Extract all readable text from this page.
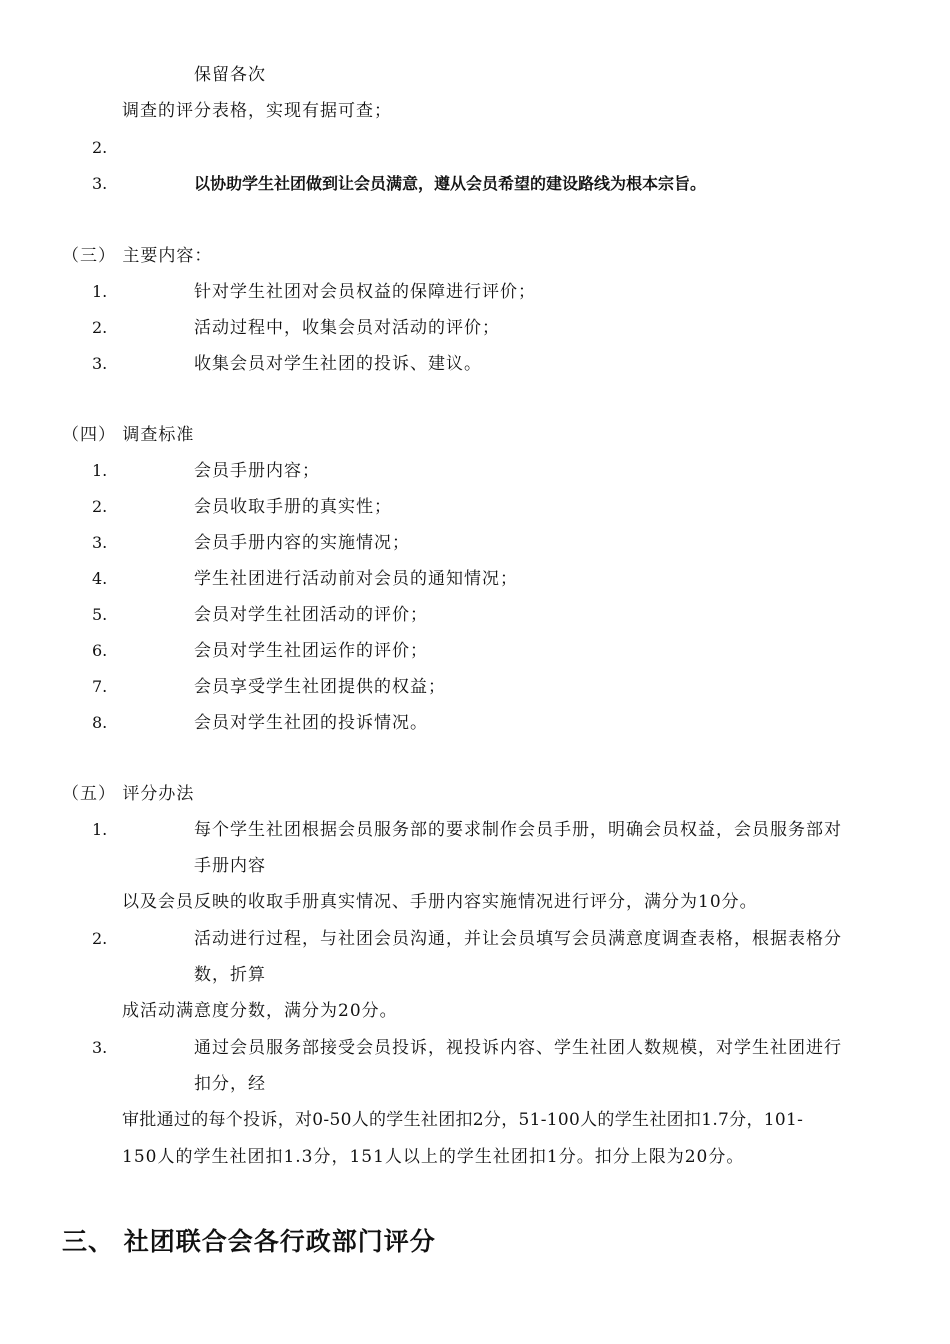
保留各次
调查的评分表格，实现有据可查；
2.
3.	以协助学生社团做到让会员满意，遵从会员希望的建设路线为根本宗旨。
（三） 主要内容：
1.	针对学生社团对会员权益的保障进行评价；
2.	活动过程中，收集会员对活动的评价；
3.	收集会员对学生社团的投诉、建议。
（四） 调查标准
1.	会员手册内容；
2.	会员收取手册的真实性；
3.	会员手册内容的实施情况；
4.	学生社团进行活动前对会员的通知情况；
5.	会员对学生社团活动的评价；
6.	会员对学生社团运作的评价；
7.	会员享受学生社团提供的权益；
8.	会员对学生社团的投诉情况。
（五） 评分办法
1.	每个学生社团根据会员服务部的要求制作会员手册，明确会员权益，会员服务部对
手册内容
以及会员反映的收取手册真实情况、手册内容实施情况进行评分，满分为10分。
2.	活动进行过程，与社团会员沟通，并让会员填写会员满意度调查表格，根据表格分
数，折算
成活动满意度分数，满分为20分。
3.	通过会员服务部接受会员投诉，视投诉内容、学生社团人数规模，对学生社团进行
扣分，经
审批通过的每个投诉，对0-50人的学生社团扣2分，51-100人的学生社团扣1.7分，101-
150人的学生社团扣1.3分，151人以上的学生社团扣1分。扣分上限为20分。
三、 社团联合会各行政部门评分
